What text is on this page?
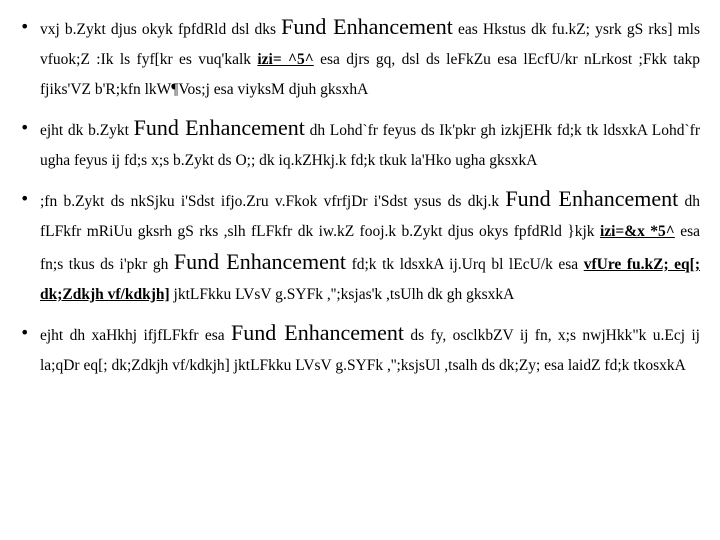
• vxj b.Zykt djus okyk fpfdRld dsl dks Fund Enhancement eas Hkstus dk fu.kZ; ysrk gS rks] mls vfuok;Z :Ik ls fyf[kr es vuq'kalk izi= ^5^ esa djrs gq, dsl ds leFkZu esa lEcfU/kr nLrkost ;Fkk takp fjiks'VZ b'R;kfn lkW¶Vos;j esa viyksM djuh gksxhA
• ejht dk b.Zykt Fund Enhancement dh Lohd`fr feyus ds Ik'pkr gh izkjEHk fd;k tk ldsxkA Lohd`fr ugha feyus ij fd;s x;s b.Zykt ds O;; dk iq.kZHkj.k fd;k tkuk la'Hko ugha gksxkA
• ;fn b.Zykt ds nkSjku i'Sdst ifjo.Zru v.Fkok vfrfjDr i'Sdst ysus ds dkj.k Fund Enhancement dh fLFkfr mRiUu gksrh gS rks ,slh fLFkfr dk iw.kZ fooj.k b.Zykt djus okys fpfdRld }kjk izi=&x *5^ esa fn;s tkus ds i'pkr gh Fund Enhancement fd;k tk ldsxkA ij.Urq bl lEcU/k esa vfUre fu.kZ; eq[; dk;Zdkjh vf/kdkjh] jktLFkku LVsV g.SYFk ,'';ksjas'k ,tsUlh dk gh gksxkA
• ejht dh xaHkhj ifjfLFkfr esa Fund Enhancement ds fy, osclkbZV ij fn, x;s nwjHkk"k u.Ecj ij la;qDr eq[; dk;Zdkjh vf/kdkjh] jktLFkku LVsV g.SYFk ,'';ksjsUl ,tsalh ds dk;Zy; esa laidZ fd;k tkosxkA
